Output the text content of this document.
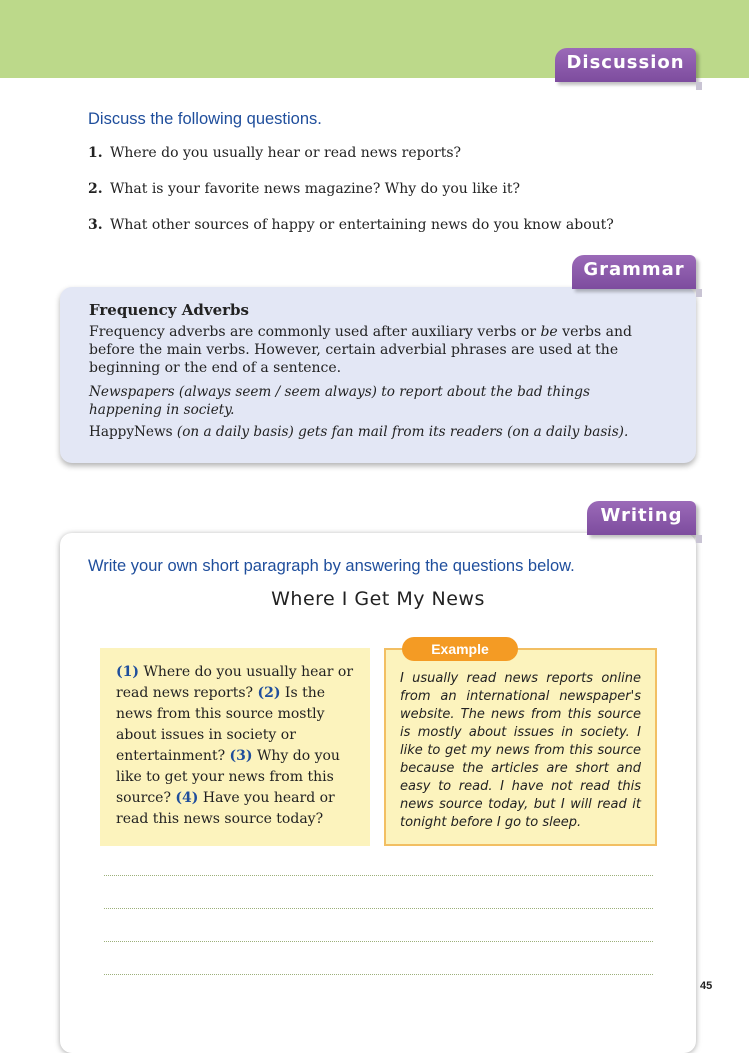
Discussion
Discuss the following questions.
1. Where do you usually hear or read news reports?
2. What is your favorite news magazine? Why do you like it?
3. What other sources of happy or entertaining news do you know about?

Frequency Adverbs

Frequency adverbs are commonly used after auxiliary verbs or be verbs and before the main verbs. However, certain adverbial phrases are used at the beginning or the end of a sentence.

Newspapers (always seem / seem always) to report about the bad things happening in society.

HappyNews (on a daily basis) gets fan mail from its readers (on a daily basis).

Grammar
Writing
Write your own short paragraph by answering the questions below.
Where I Get My News
(1) Where do you usually hear or read news reports? (2) Is the news from this source mostly about issues in society or entertainment? (3) Why do you like to get your news from this source? (4) Have you heard or read this news source today?
I usually read news reports online from an international newspaper's website. The news from this source is mostly about issues in society. I like to get my news from this source because the articles are short and easy to read. I have not read this news source today, but I will read it tonight before I go to sleep.
Example
45
